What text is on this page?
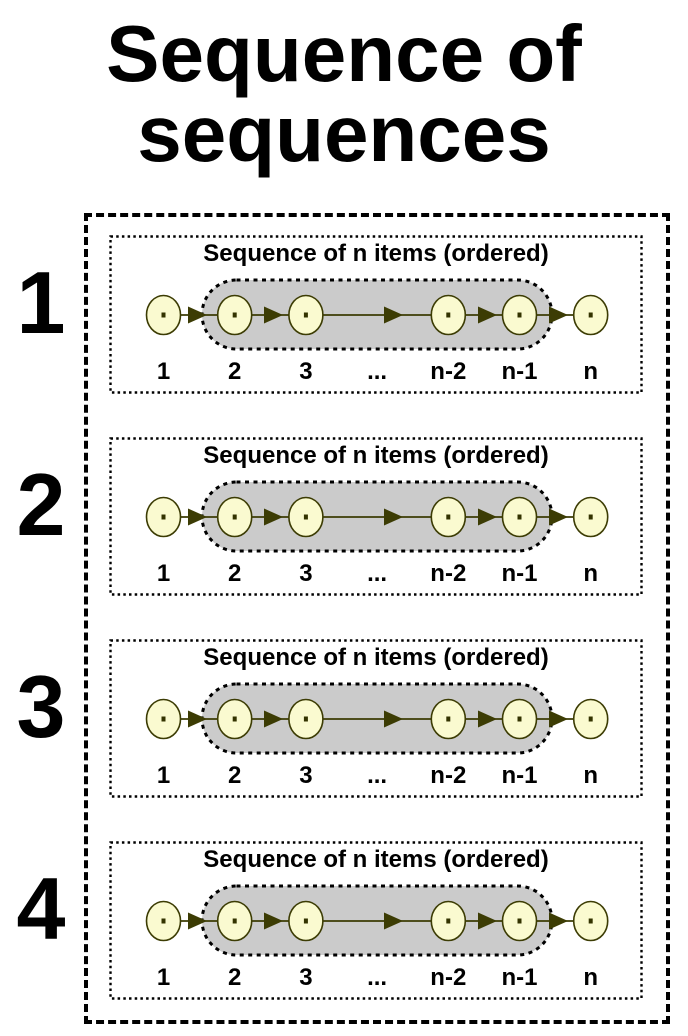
Sequence of
sequences
Sequence of n items (ordered)
1 2 3 ... n-2 n-1 n
Sequence of n items (ordered)
1 2 3 ... n-2 n-1 n
Sequence of n items (ordered)
1 2 3 ... n-2 n-1 n
Sequence of n items (ordered)
1 2 3 ... n-2 n-1 n
1
2
3
4
